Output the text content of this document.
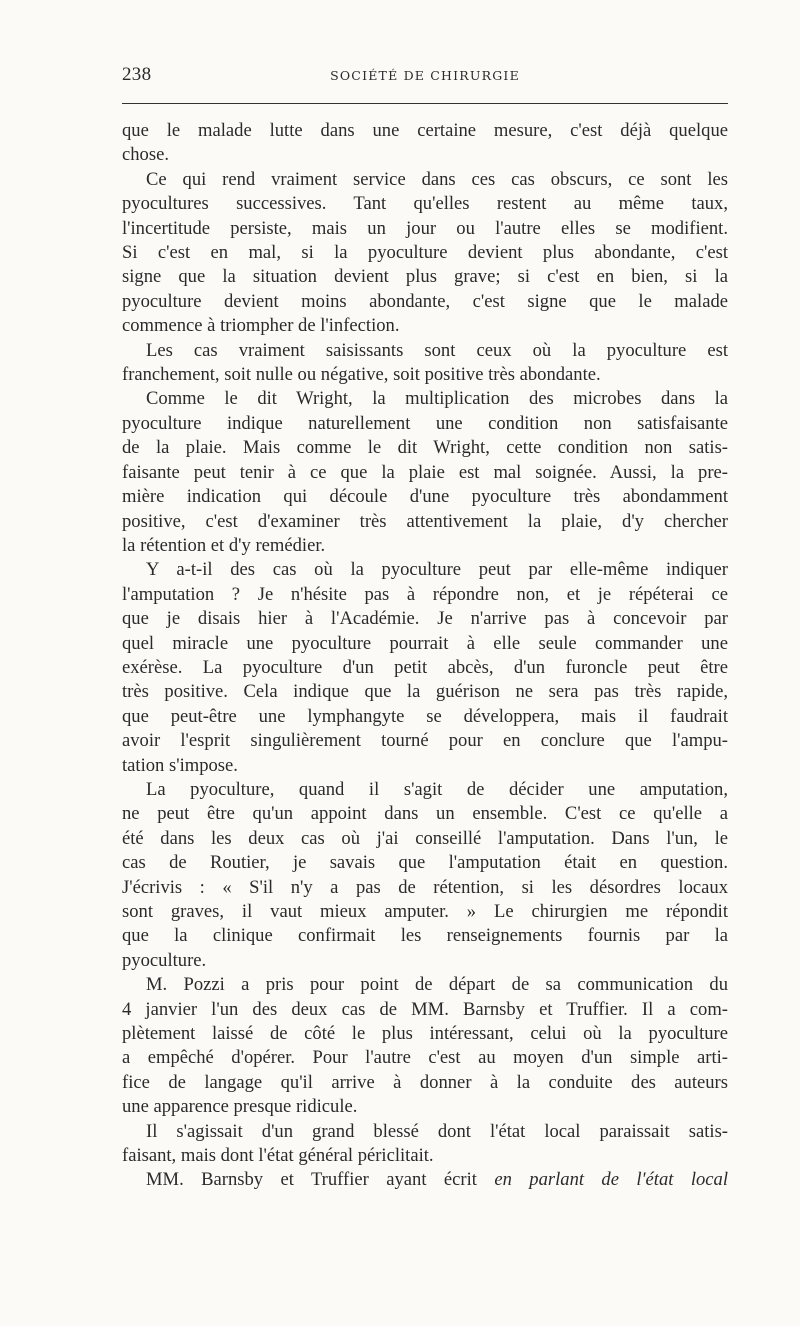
238	SOCIÉTÉ DE CHIRURGIE
que le malade lutte dans une certaine mesure, c'est déjà quelque
chose.
Ce qui rend vraiment service dans ces cas obscurs, ce sont les
pyocultures successives. Tant qu'elles restent au même taux,
l'incertitude persiste, mais un jour ou l'autre elles se modifient.
Si c'est en mal, si la pyoculture devient plus abondante, c'est
signe que la situation devient plus grave; si c'est en bien, si la
pyoculture devient moins abondante, c'est signe que le malade
commence à triompher de l'infection.
Les cas vraiment saisissants sont ceux où la pyoculture est
franchement, soit nulle ou négative, soit positive très abondante.
Comme le dit Wright, la multiplication des microbes dans la
pyoculture indique naturellement une condition non satisfaisante
de la plaie. Mais comme le dit Wright, cette condition non satis-
faisante peut tenir à ce que la plaie est mal soignée. Aussi, la pre-
mière indication qui découle d'une pyoculture très abondamment
positive, c'est d'examiner très attentivement la plaie, d'y chercher
la rétention et d'y remédier.
Y a-t-il des cas où la pyoculture peut par elle-même indiquer
l'amputation ? Je n'hésite pas à répondre non, et je répéterai ce
que je disais hier à l'Académie. Je n'arrive pas à concevoir par
quel miracle une pyoculture pourrait à elle seule commander une
exérèse. La pyoculture d'un petit abcès, d'un furoncle peut être
très positive. Cela indique que la guérison ne sera pas très rapide,
que peut-être une lymphangyte se développera, mais il faudrait
avoir l'esprit singulièrement tourné pour en conclure que l'ampu-
tation s'impose.
La pyoculture, quand il s'agit de décider une amputation,
ne peut être qu'un appoint dans un ensemble. C'est ce qu'elle a
été dans les deux cas où j'ai conseillé l'amputation. Dans l'un, le
cas de Routier, je savais que l'amputation était en question.
J'écrivis : « S'il n'y a pas de rétention, si les désordres locaux
sont graves, il vaut mieux amputer. » Le chirurgien me répondit
que la clinique confirmait les renseignements fournis par la
pyoculture.
M. Pozzi a pris pour point de départ de sa communication du
4 janvier l'un des deux cas de MM. Barnsby et Truffier. Il a com-
plètement laissé de côté le plus intéressant, celui où la pyoculture
a empêché d'opérer. Pour l'autre c'est au moyen d'un simple arti-
fice de langage qu'il arrive à donner à la conduite des auteurs
une apparence presque ridicule.
Il s'agissait d'un grand blessé dont l'état local paraissait satis-
faisant, mais dont l'état général périclitait.
MM. Barnsby et Truffier ayant écrit en parlant de l'état local
